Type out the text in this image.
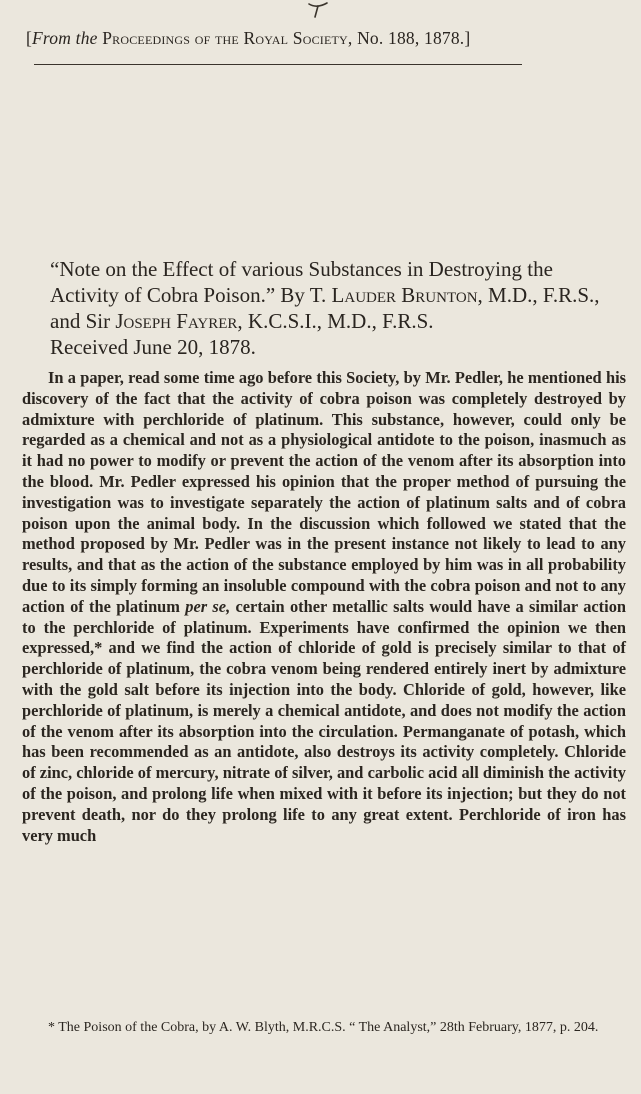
[From the Proceedings of the Royal Society, No. 188, 1878.]
“Note on the Effect of various Substances in Destroying the Activity of Cobra Poison.” By T. Lauder Brunton, M.D., F.R.S., and Sir Joseph Fayrer, K.C.S.I., M.D., F.R.S.
Received June 20, 1878.

In a paper, read some time ago before this Society, by Mr. Pedler, he mentioned his discovery of the fact that the activity of cobra poison was completely destroyed by admixture with perchloride of platinum. This substance, however, could only be regarded as a chemical and not as a physiological antidote to the poison, inasmuch as it had no power to modify or prevent the action of the venom after its absorption into the blood. Mr. Pedler expressed his opinion that the proper method of pursuing the investigation was to investigate separately the action of platinum salts and of cobra poison upon the animal body. In the discussion which followed we stated that the method proposed by Mr. Pedler was in the present instance not likely to lead to any results, and that as the action of the substance employed by him was in all probability due to its simply forming an insoluble compound with the cobra poison and not to any action of the platinum per se, certain other metallic salts would have a similar action to the perchloride of platinum. Experiments have confirmed the opinion we then expressed,* and we find the action of chloride of gold is precisely similar to that of perchloride of platinum, the cobra venom being rendered entirely inert by admixture with the gold salt before its injection into the body. Chloride of gold, however, like perchloride of platinum, is merely a chemical antidote, and does not modify the action of the venom after its absorption into the circulation. Permanganate of potash, which has been recommended as an antidote, also destroys its activity completely. Chloride of zinc, chloride of mercury, nitrate of silver, and carbolic acid all diminish the activity of the poison, and prolong life when mixed with it before its injection; but they do not prevent death, nor do they prolong life to any great extent. Perchloride of iron has very much

* The Poison of the Cobra, by A. W. Blyth, M.R.C.S. “ The Analyst,” 28th February, 1877, p. 204.
